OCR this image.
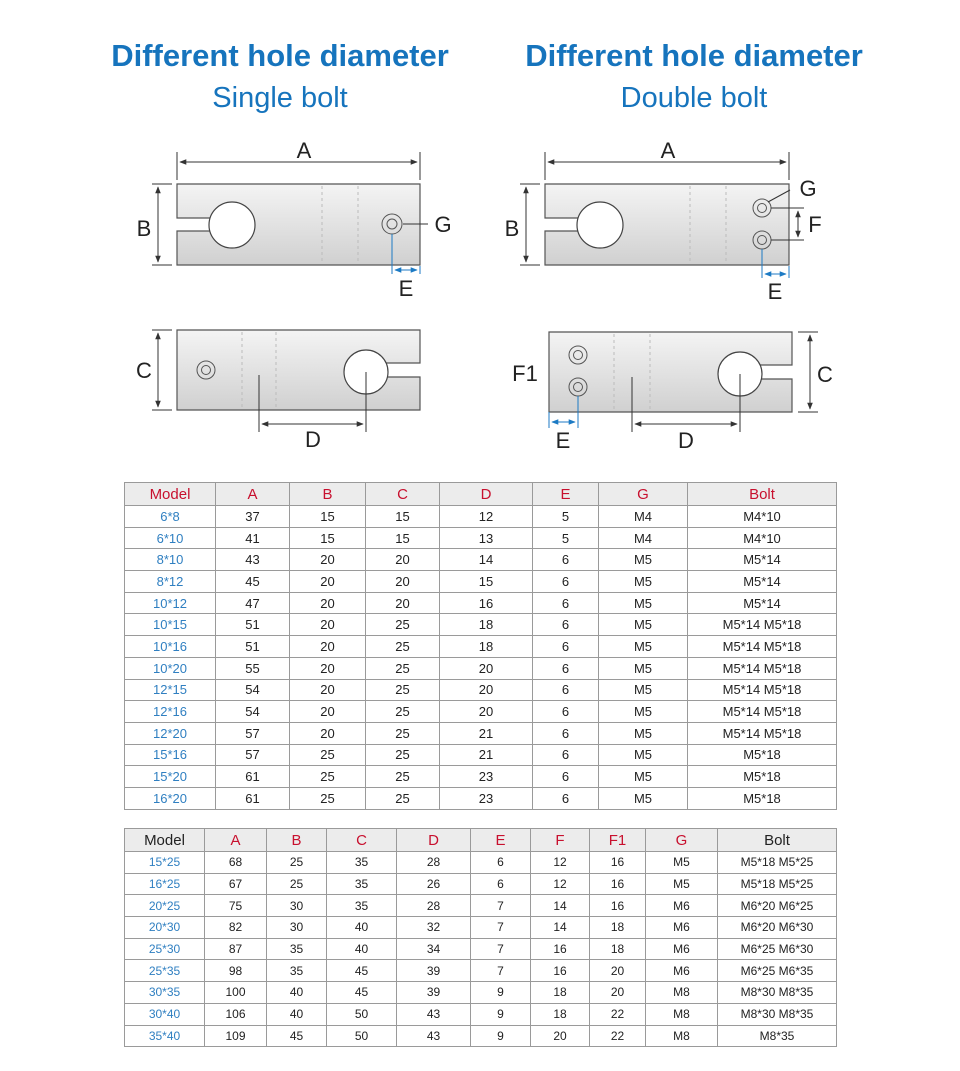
Different hole diameter
Single bolt
Different hole diameter
Double bolt
A
B	G
E
C
D
A
B
G
F
E
F1	C
E	D
Model	A	B	C	D	E	G	Bolt
6*8	37	15	15	12	5	M4	M4*10
6*10	41	15	15	13	5	M4	M4*10
8*10	43	20	20	14	6	M5	M5*14
8*12	45	20	20	15	6	M5	M5*14
10*12	47	20	20	16	6	M5	M5*14
10*15	51	20	25	18	6	M5	M5*14 M5*18
10*16	51	20	25	18	6	M5	M5*14 M5*18
10*20	55	20	25	20	6	M5	M5*14 M5*18
12*15	54	20	25	20	6	M5	M5*14 M5*18
12*16	54	20	25	20	6	M5	M5*14 M5*18
12*20	57	20	25	21	6	M5	M5*14 M5*18
15*16	57	25	25	21	6	M5	M5*18
15*20	61	25	25	23	6	M5	M5*18
16*20	61	25	25	23	6	M5	M5*18
Model	A	B	C	D	E	F	F1	G	Bolt
15*25	68	25	35	28	6	12	16	M5	M5*18 M5*25
16*25	67	25	35	26	6	12	16	M5	M5*18 M5*25
20*25	75	30	35	28	7	14	16	M6	M6*20 M6*25
20*30	82	30	40	32	7	14	18	M6	M6*20 M6*30
25*30	87	35	40	34	7	16	18	M6	M6*25 M6*30
25*35	98	35	45	39	7	16	20	M6	M6*25 M6*35
30*35	100	40	45	39	9	18	20	M8	M8*30 M8*35
30*40	106	40	50	43	9	18	22	M8	M8*30 M8*35
35*40	109	45	50	43	9	20	22	M8	M8*35
